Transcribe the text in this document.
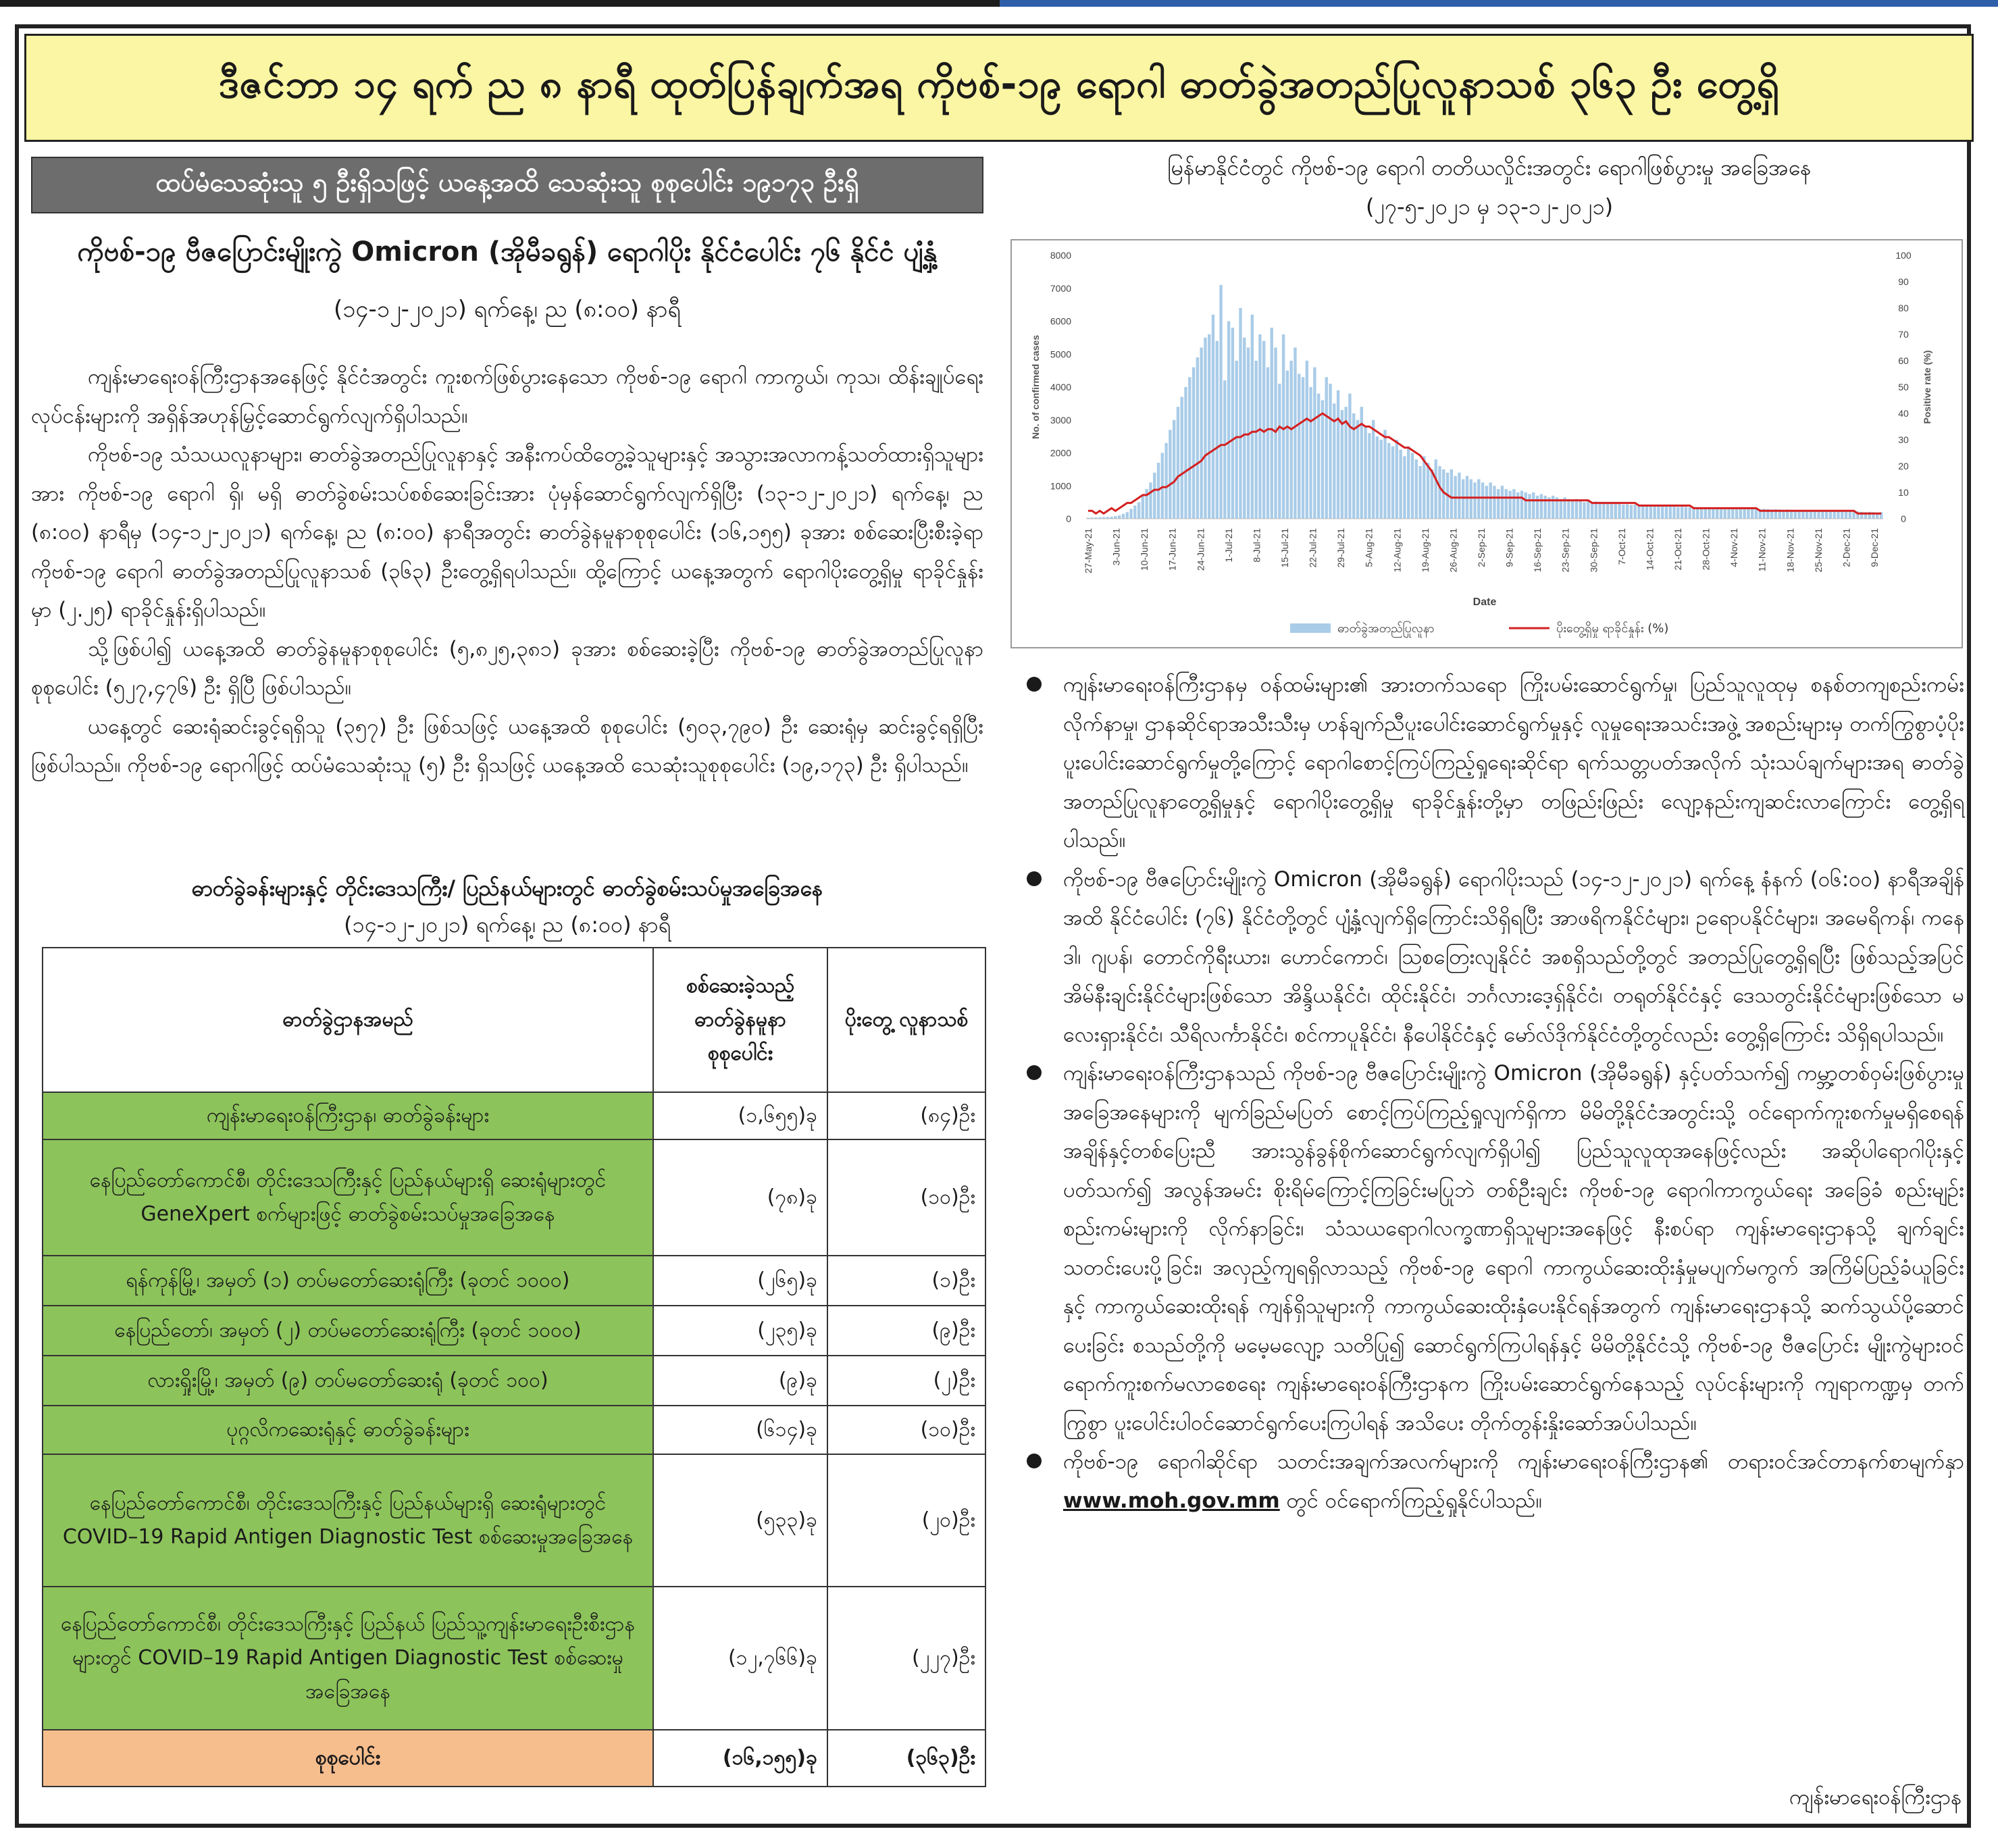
ဒီဇင်ဘာ ၁၄ ရက် ည ၈ နာရီ ထုတ်ပြန်ချက်အရ ကိုဗစ်-၁၉ ရောဂါ ဓာတ်ခွဲအတည်ပြုလူနာသစ် ၃၆၃ ဦး တွေ့ရှိ
ထပ်မံသေဆုံးသူ ၅ ဦးရှိသဖြင့် ယနေ့အထိ သေဆုံးသူ စုစုပေါင်း ၁၉၁၇၃ ဦးရှိ
ကိုဗစ်-၁၉ ဗီဇပြောင်းမျိုးကွဲ Omicron (အိုမီခရွန်) ရောဂါပိုး နိုင်ငံပေါင်း ၇၆ နိုင်ငံ ပျံ့နှံ့
(၁၄-၁၂-၂၀၂၁) ရက်နေ့၊ ည (၈:၀၀) နာရီ

ကျန်းမာရေးဝန်ကြီးဌာနအနေဖြင့် နိုင်ငံအတွင်း ကူးစက်ဖြစ်ပွားနေသော ကိုဗစ်-၁၉ ရောဂါ ကာကွယ်၊ ကုသ၊ ထိန်းချုပ်ရေးလုပ်ငန်းများကို အရှိန်အဟုန်မြှင့်ဆောင်ရွက်လျက်ရှိပါသည်။

ကိုဗစ်-၁၉ သံသယလူနာများ၊ ဓာတ်ခွဲအတည်ပြုလူနာနှင့် အနီးကပ်ထိတွေ့ခဲ့သူများနှင့် အသွားအလာကန့်သတ်ထားရှိသူများအား ကိုဗစ်-၁၉ ရောဂါ ရှိ၊ မရှိ ဓာတ်ခွဲစမ်းသပ်စစ်ဆေးခြင်းအား ပုံမှန်ဆောင်ရွက်လျက်ရှိပြီး (၁၃-၁၂-၂၀၂၁) ရက်နေ့၊ ည (၈:၀၀) နာရီမှ (၁၄-၁၂-၂၀၂၁) ရက်နေ့၊ ည (၈:၀၀) နာရီအတွင်း ဓာတ်ခွဲနမူနာစုစုပေါင်း (၁၆,၁၅၅) ခုအား စစ်ဆေးပြီးစီးခဲ့ရာ ကိုဗစ်-၁၉ ရောဂါ ဓာတ်ခွဲအတည်ပြုလူနာသစ် (၃၆၃) ဦးတွေ့ရှိရပါသည်။ ထို့ကြောင့် ယနေ့အတွက် ရောဂါပိုးတွေ့ရှိမှု ရာခိုင်နှုန်းမှာ (၂.၂၅) ရာခိုင်နှုန်းရှိပါသည်။

သို့ဖြစ်ပါ၍ ယနေ့အထိ ဓာတ်ခွဲနမူနာစုစုပေါင်း (၅,၈၂၅,၃၈၁) ခုအား စစ်ဆေးခဲ့ပြီး ကိုဗစ်-၁၉ ဓာတ်ခွဲအတည်ပြုလူနာ စုစုပေါင်း (၅၂၇,၄၇၆) ဦး ရှိပြီ ဖြစ်ပါသည်။

ယနေ့တွင် ဆေးရုံဆင်းခွင့်ရရှိသူ (၃၅၇) ဦး ဖြစ်သဖြင့် ယနေ့အထိ စုစုပေါင်း (၅၀၃,၇၉၀) ဦး ဆေးရုံမှ ဆင်းခွင့်ရရှိပြီး ဖြစ်ပါသည်။ ကိုဗစ်-၁၉ ရောဂါဖြင့် ထပ်မံသေဆုံးသူ (၅) ဦး ရှိသဖြင့် ယနေ့အထိ သေဆုံးသူစုစုပေါင်း (၁၉,၁၇၃) ဦး ရှိပါသည်။

ဓာတ်ခွဲခန်းများနှင့် တိုင်းဒေသကြီး/ ပြည်နယ်များတွင် ဓာတ်ခွဲစမ်းသပ်မှုအခြေအနေ
(၁၄-၁၂-၂၀၂၁) ရက်နေ့၊ ည (၈:၀၀) နာရီ
ဓာတ်ခွဲဌာနအမည်	စစ်ဆေးခဲ့သည့် ဓာတ်ခွဲနမူနာ စုစုပေါင်း	ပိုးတွေ့ လူနာသစ်
ကျန်းမာရေးဝန်ကြီးဌာန၊ ဓာတ်ခွဲခန်းများ	(၁,၆၅၅)ခု	(၈၄)ဦး
နေပြည်တော်ကောင်စီ၊ တိုင်းဒေသကြီးနှင့် ပြည်နယ်များရှိ ဆေးရုံများတွင် GeneXpert စက်များဖြင့် ဓာတ်ခွဲစမ်းသပ်မှုအခြေအနေ	(၇၈)ခု	(၁၀)ဦး
ရန်ကုန်မြို့၊ အမှတ် (၁) တပ်မတော်ဆေးရုံကြီး (ခုတင် ၁၀၀၀)	(၂၆၅)ခု	(၁)ဦး
နေပြည်တော်၊ အမှတ် (၂) တပ်မတော်ဆေးရုံကြီး (ခုတင် ၁၀၀၀)	(၂၃၅)ခု	(၉)ဦး
လားရှိုးမြို့၊ အမှတ် (၉) တပ်မတော်ဆေးရုံ (ခုတင် ၁၀၀)	(၉)ခု	(၂)ဦး
ပုဂ္ဂလိကဆေးရုံနှင့် ဓာတ်ခွဲခန်းများ	(၆၁၄)ခု	(၁၀)ဦး
နေပြည်တော်ကောင်စီ၊ တိုင်းဒေသကြီးနှင့် ပြည်နယ်များရှိ ဆေးရုံများတွင် COVID–19 Rapid Antigen Diagnostic Test စစ်ဆေးမှုအခြေအနေ	(၅၃၃)ခု	(၂၀)ဦး
နေပြည်တော်ကောင်စီ၊ တိုင်းဒေသကြီးနှင့် ပြည်နယ် ပြည်သူ့ကျန်းမာရေးဦးစီးဌာနများတွင် COVID–19 Rapid Antigen Diagnostic Test စစ်ဆေးမှုအခြေအနေ	(၁၂,၇၆၆)ခု	(၂၂၇)ဦး
စုစုပေါင်း	(၁၆,၁၅၅)ခု	(၃၆၃)ဦး
မြန်မာနိုင်ငံတွင် ကိုဗစ်-၁၉ ရောဂါ တတိယလှိုင်းအတွင်း ရောဂါဖြစ်ပွားမှု အခြေအနေ
(၂၇-၅-၂၀၂၁ မှ ၁၃-၁၂-၂၀၂၁)
0
1000
2000
3000
4000
5000
6000
7000
8000
0
10
20
30
40
50
60
70
80
90
100
27-May-21 3-Jun-21 10-Jun-21 17-Jun-21 24-Jun-21 1-Jul-21 8-Jul-21 15-Jul-21 22-Jul-21 29-Jul-21 5-Aug-21 12-Aug-21 19-Aug-21 26-Aug-21 2-Sep-21 9-Sep-21 16-Sep-21 23-Sep-21 30-Sep-21 7-Oct-21 14-Oct-21 21-Oct-21 28-Oct-21 4-Nov-21 11-Nov-21 18-Nov-21 25-Nov-21 2-Dec-21 9-Dec-21
No. of confirmed cases	Positive rate (%)
Date
ဓာတ်ခွဲအတည်ပြုလူနာ	ပိုးတွေ့ရှိမှု ရာခိုင်နှုန်း (%)
ကျန်းမာရေးဝန်ကြီးဌာနမှ ဝန်ထမ်းများ၏ အားတက်သရော ကြိုးပမ်းဆောင်ရွက်မှု၊ ပြည်သူလူထုမှ စနစ်တကျစည်းကမ်းလိုက်နာမှု၊ ဌာနဆိုင်ရာအသီးသီးမှ ဟန်ချက်ညီပူးပေါင်းဆောင်ရွက်မှုနှင့် လူမှုရေးအသင်းအဖွဲ့ အစည်းများမှ တက်ကြွစွာပံ့ပိုးပူးပေါင်းဆောင်ရွက်မှုတို့ကြောင့် ရောဂါစောင့်ကြပ်ကြည့်ရှုရေးဆိုင်ရာ ရက်သတ္တပတ်အလိုက် သုံးသပ်ချက်များအရ ဓာတ်ခွဲအတည်ပြုလူနာတွေ့ရှိမှုနှင့် ရောဂါပိုးတွေ့ရှိမှု ရာခိုင်နှုန်းတို့မှာ တဖြည်းဖြည်း လျော့နည်းကျဆင်းလာကြောင်း တွေ့ရှိရပါသည်။
ကိုဗစ်-၁၉ ဗီဇပြောင်းမျိုးကွဲ Omicron (အိုမီခရွန်) ရောဂါပိုးသည် (၁၄-၁၂-၂၀၂၁) ရက်နေ့ နံနက် (၀၆:၀၀) နာရီအချိန်အထိ နိုင်ငံပေါင်း (၇၆) နိုင်ငံတို့တွင် ပျံ့နှံ့လျက်ရှိကြောင်းသိရှိရပြီး အာဖရိကနိုင်ငံများ၊ ဥရောပနိုင်ငံများ၊ အမေရိကန်၊ ကနေဒါ၊ ဂျပန်၊ တောင်ကိုရီးယား၊ ဟောင်ကောင်၊ ဩစတြေးလျနိုင်ငံ အစရှိသည်တို့တွင် အတည်ပြုတွေ့ရှိရပြီး ဖြစ်သည့်အပြင် အိမ်နီးချင်းနိုင်ငံများဖြစ်သော အိန္ဒိယနိုင်ငံ၊ ထိုင်းနိုင်ငံ၊ ဘင်္ဂလားဒေ့ရှ်နိုင်ငံ၊ တရုတ်နိုင်ငံနှင့် ဒေသတွင်းနိုင်ငံများဖြစ်သော မလေးရှားနိုင်ငံ၊ သီရိလင်္ကာနိုင်ငံ၊ စင်ကာပူနိုင်ငံ၊ နီပေါနိုင်ငံနှင့် မော်လ်ဒိုက်နိုင်ငံတို့တွင်လည်း တွေ့ရှိကြောင်း သိရှိရပါသည်။
ကျန်းမာရေးဝန်ကြီးဌာနသည် ကိုဗစ်-၁၉ ဗီဇပြောင်းမျိုးကွဲ Omicron (အိုမီခရွန်) နှင့်ပတ်သက်၍ ကမ္ဘာ့တစ်ဝှမ်းဖြစ်ပွားမှု အခြေအနေများကို မျက်ခြည်မပြတ် စောင့်ကြပ်ကြည့်ရှုလျက်ရှိကာ မိမိတို့နိုင်ငံအတွင်းသို့ ဝင်ရောက်ကူးစက်မှုမရှိစေရန် အချိန်နှင့်တစ်ပြေးညီ အားသွန်ခွန်စိုက်ဆောင်ရွက်လျက်ရှိပါ၍ ပြည်သူလူထုအနေဖြင့်လည်း အဆိုပါရောဂါပိုးနှင့်ပတ်သက်၍ အလွန်အမင်း စိုးရိမ်ကြောင့်ကြခြင်းမပြုဘဲ တစ်ဦးချင်း ကိုဗစ်-၁၉ ရောဂါကာကွယ်ရေး အခြေခံ စည်းမျဉ်းစည်းကမ်းများကို လိုက်နာခြင်း၊ သံသယရောဂါလက္ခဏာရှိသူများအနေဖြင့် နီးစပ်ရာ ကျန်းမာရေးဌာနသို့ ချက်ချင်းသတင်းပေးပို့ခြင်း၊ အလှည့်ကျရရှိလာသည့် ကိုဗစ်-၁၉ ရောဂါ ကာကွယ်ဆေးထိုးနှံမှုမပျက်မကွက် အကြိမ်ပြည့်ခံယူခြင်းနှင့် ကာကွယ်ဆေးထိုးရန် ကျန်ရှိသူများကို ကာကွယ်ဆေးထိုးနှံပေးနိုင်ရန်အတွက် ကျန်းမာရေးဌာနသို့ ဆက်သွယ်ပို့ဆောင်ပေးခြင်း စသည်တို့ကို မမေ့မလျော့ သတိပြု၍ ဆောင်ရွက်ကြပါရန်နှင့် မိမိတို့နိုင်ငံသို့ ကိုဗစ်-၁၉ ဗီဇပြောင်း မျိုးကွဲများဝင်ရောက်ကူးစက်မလာစေရေး ကျန်းမာရေးဝန်ကြီးဌာနက ကြိုးပမ်းဆောင်ရွက်နေသည့် လုပ်ငန်းများကို ကျရာကဏ္ဍမှ တက်ကြွစွာ ပူးပေါင်းပါဝင်ဆောင်ရွက်ပေးကြပါရန် အသိပေး တိုက်တွန်းနှိုးဆော်အပ်ပါသည်။
ကိုဗစ်-၁၉ ရောဂါဆိုင်ရာ သတင်းအချက်အလက်များကို ကျန်းမာရေးဝန်ကြီးဌာန၏ တရားဝင်အင်တာနက်စာမျက်နှာ www.moh.gov.mm တွင် ဝင်ရောက်ကြည့်ရှုနိုင်ပါသည်။
ကျန်းမာရေးဝန်ကြီးဌာန
